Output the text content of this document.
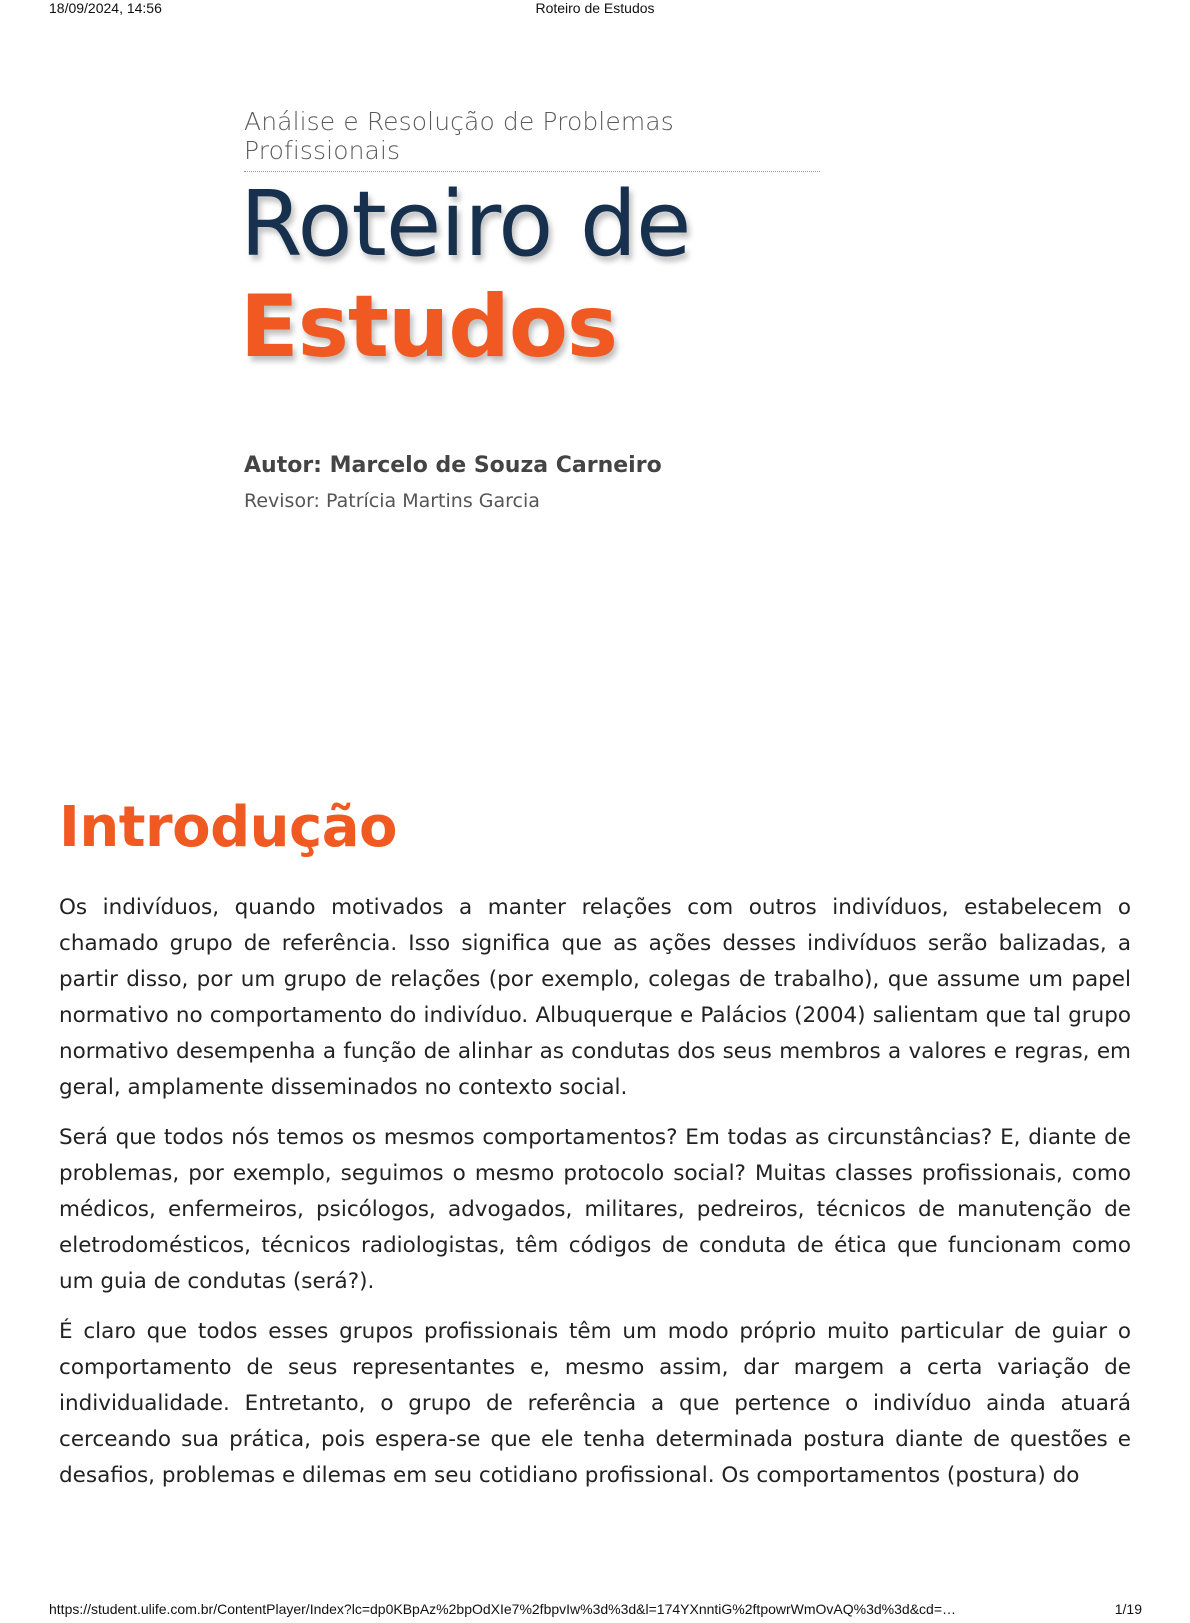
18/09/2024, 14:56	Roteiro de Estudos
Análise e Resolução de Problemas Profissionais
Roteiro de
Estudos
Autor: Marcelo de Souza Carneiro
Revisor: Patrícia Martins Garcia
Introdução

Os indivíduos, quando motivados a manter relações com outros indivíduos, estabelecem o chamado grupo de referência. Isso significa que as ações desses indivíduos serão balizadas, a partir disso, por um grupo de relações (por exemplo, colegas de trabalho), que assume um papel normativo no comportamento do indivíduo. Albuquerque e Palácios (2004) salientam que tal grupo normativo desempenha a função de alinhar as condutas dos seus membros a valores e regras, em geral, amplamente disseminados no contexto social.

Será que todos nós temos os mesmos comportamentos? Em todas as circunstâncias? E, diante de problemas, por exemplo, seguimos o mesmo protocolo social? Muitas classes profissionais, como médicos, enfermeiros, psicólogos, advogados, militares, pedreiros, técnicos de manutenção de eletrodomésticos, técnicos radiologistas, têm códigos de conduta de ética que funcionam como um guia de condutas (será?).

É claro que todos esses grupos profissionais têm um modo próprio muito particular de guiar o comportamento de seus representantes e, mesmo assim, dar margem a certa variação de individualidade. Entretanto, o grupo de referência a que pertence o indivíduo ainda atuará cerceando sua prática, pois espera-se que ele tenha determinada postura diante de questões e desafios, problemas e dilemas em seu cotidiano profissional. Os comportamentos (postura) do

https://student.ulife.com.br/ContentPlayer/Index?lc=dp0KBpAz%2bpOdXIe7%2fbpvIw%3d%3d&l=174YXnntiG%2ftpowrWmOvAQ%3d%3d&cd=…	1/19
